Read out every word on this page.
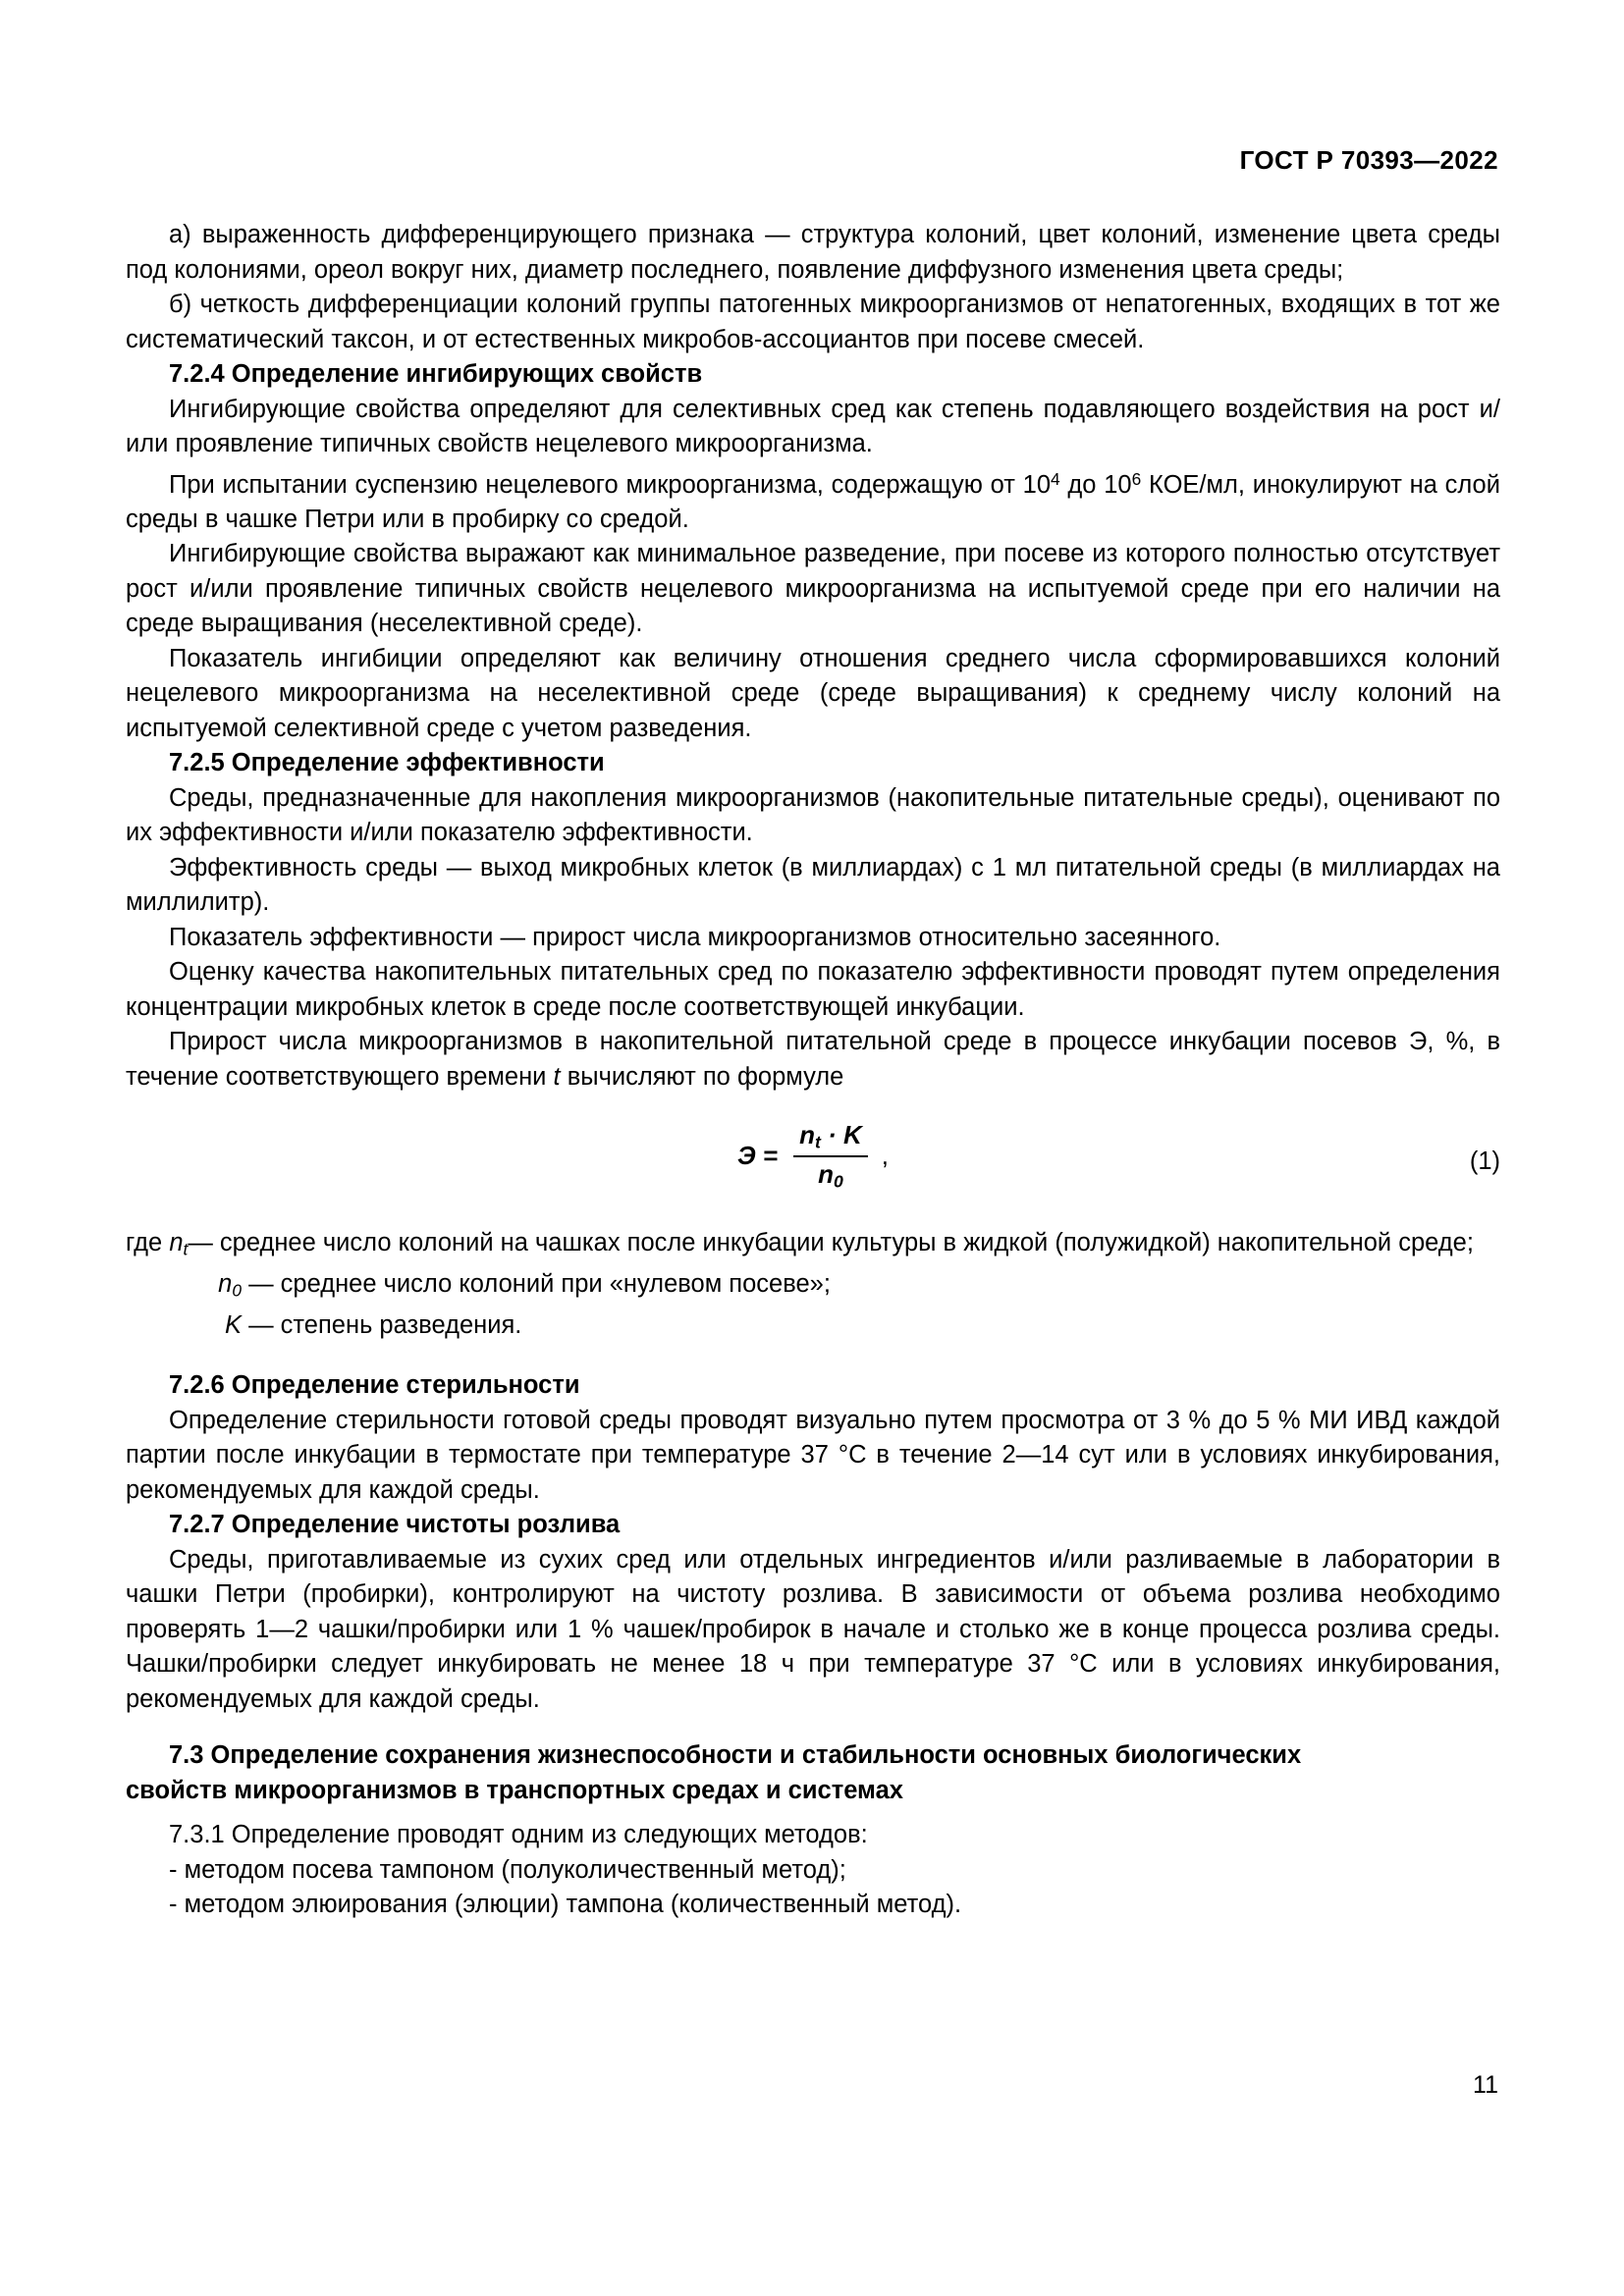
ГОСТ Р 70393—2022

а) выраженность дифференцирующего признака — структура колоний, цвет колоний, изменение цвета среды под колониями, ореол вокруг них, диаметр последнего, появление диффузного изменения цвета среды;

б) четкость дифференциации колоний группы патогенных микроорганизмов от непатогенных, входящих в тот же систематический таксон, и от естественных микробов-ассоциантов при посеве смесей.

7.2.4 Определение ингибирующих свойств

Ингибирующие свойства определяют для селективных сред как степень подавляющего воздействия на рост и/или проявление типичных свойств нецелевого микроорганизма.

При испытании суспензию нецелевого микроорганизма, содержащую от $10^4$ до $10^6$ КОЕ/мл, инокулируют на слой среды в чашке Петри или в пробирку со средой.

Ингибирующие свойства выражают как минимальное разведение, при посеве из которого полностью отсутствует рост и/или проявление типичных свойств нецелевого микроорганизма на испытуемой среде при его наличии на среде выращивания (неселективной среде).

Показатель ингибиции определяют как величину отношения среднего числа сформировавшихся колоний нецелевого микроорганизма на неселективной среде (среде выращивания) к среднему числу колоний на испытуемой селективной среде с учетом разведения.

7.2.5 Определение эффективности

Среды, предназначенные для накопления микроорганизмов (накопительные питательные среды), оценивают по их эффективности и/или показателю эффективности.

Эффективность среды — выход микробных клеток (в миллиардах) с 1 мл питательной среды (в миллиардах на миллилитр).

Показатель эффективности — прирост числа микроорганизмов относительно засеянного.

Оценку качества накопительных питательных сред по показателю эффективности проводят путем определения концентрации микробных клеток в среде после соответствующей инкубации.

Прирост числа микроорганизмов в накопительной питательной среде в процессе инкубации посевов Э, %, в течение соответствующего времени t вычисляют по формуле

$Э = \frac{n_t \cdot K}{n_0}$ ,	(1)
где $n_t$ — среднее число колоний на чашках после инкубации культуры в жидкой (полужидкой) накопительной среде;
$n_0$ — среднее число колоний при «нулевом посеве»;
K — степень разведения.

7.2.6 Определение стерильности

Определение стерильности готовой среды проводят визуально путем просмотра от 3 % до 5 % МИ ИВД каждой партии после инкубации в термостате при температуре 37 °C в течение 2—14 сут или в условиях инкубирования, рекомендуемых для каждой среды.

7.2.7 Определение чистоты розлива

Среды, приготавливаемые из сухих сред или отдельных ингредиентов и/или разливаемые в лаборатории в чашки Петри (пробирки), контролируют на чистоту розлива. В зависимости от объема розлива необходимо проверять 1—2 чашки/пробирки или 1 % чашек/пробирок в начале и столько же в конце процесса розлива среды. Чашки/пробирки следует инкубировать не менее 18 ч при температуре 37 °C или в условиях инкубирования, рекомендуемых для каждой среды.

7.3 Определение сохранения жизнеспособности и стабильности основных биологических

свойств микроорганизмов в транспортных средах и системах

7.3.1 Определение проводят одним из следующих методов:

- методом посева тампоном (полуколичественный метод);

- методом элюирования (элюции) тампона (количественный метод).

11
